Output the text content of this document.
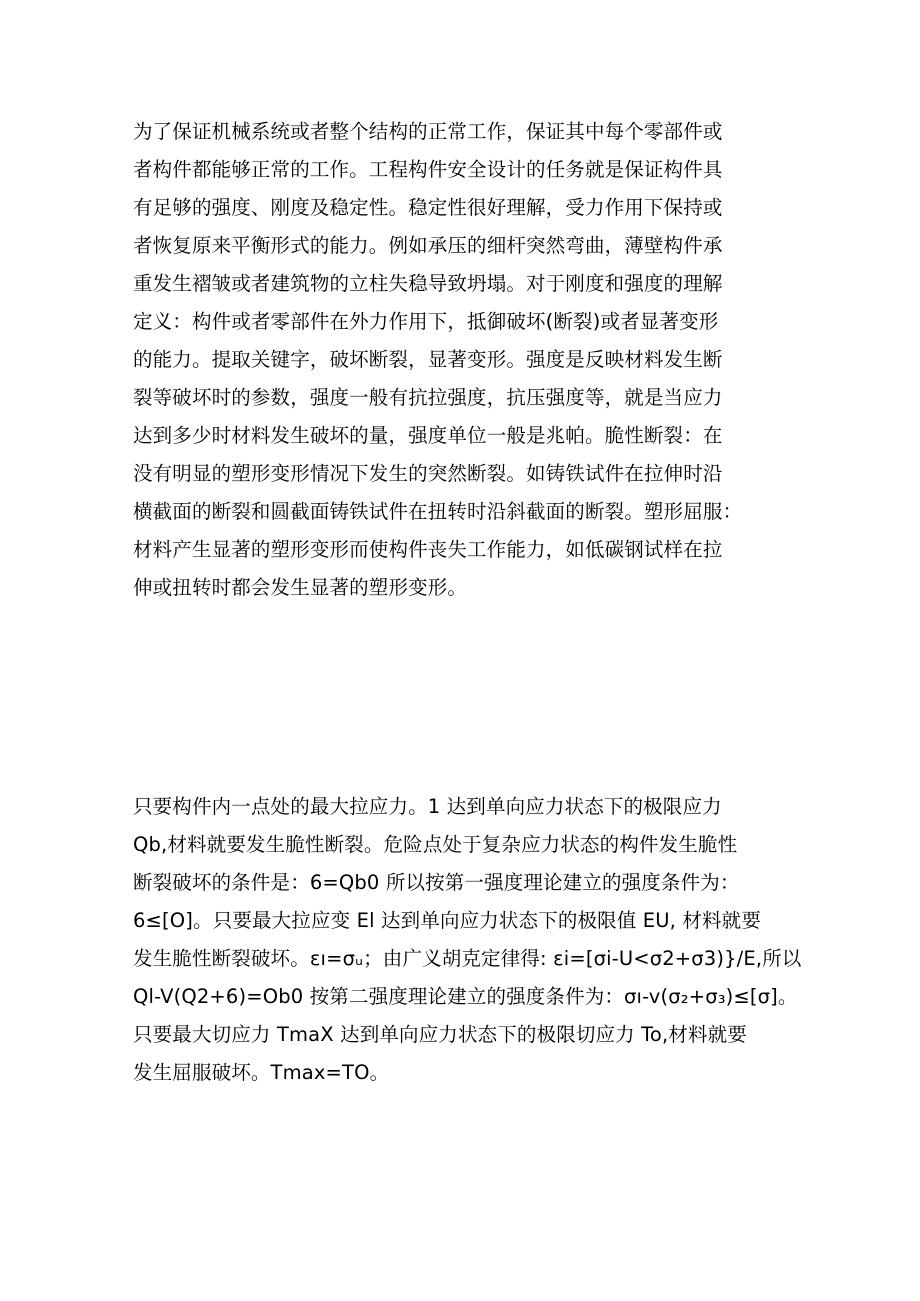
为了保证机械系统或者整个结构的正常工作，保证其中每个零部件或
者构件都能够正常的工作。工程构件安全设计的任务就是保证构件具
有足够的强度、刚度及稳定性。稳定性很好理解，受力作用下保持或
者恢复原来平衡形式的能力。例如承压的细杆突然弯曲，薄壁构件承
重发生褶皱或者建筑物的立柱失稳导致坍塌。对于刚度和强度的理解
定义：构件或者零部件在外力作用下，抵御破坏(断裂)或者显著变形
的能力。提取关键字，破坏断裂，显著变形。强度是反映材料发生断
裂等破坏时的参数，强度一般有抗拉强度，抗压强度等，就是当应力
达到多少时材料发生破坏的量，强度单位一般是兆帕。脆性断裂：在
没有明显的塑形变形情况下发生的突然断裂。如铸铁试件在拉伸时沿
横截面的断裂和圆截面铸铁试件在扭转时沿斜截面的断裂。塑形屈服：
材料产生显著的塑形变形而使构件丧失工作能力，如低碳钢试样在拉
伸或扭转时都会发生显著的塑形变形。
只要构件内一点处的最大拉应力。1 达到单向应力状态下的极限应力
Qb,材料就要发生脆性断裂。危险点处于复杂应力状态的构件发生脆性
断裂破坏的条件是：6=Qb0 所以按第一强度理论建立的强度条件为：
6≤[O]。只要最大拉应变 El 达到单向应力状态下的极限值 EU, 材料就要
发生脆性断裂破坏。εı=σᵤ；由广义胡克定律得: εi=[σi-U<σ2+σ3)}∕E,所以
Ql-V(Q2+6)=Ob0 按第二强度理论建立的强度条件为：σı-v(σ₂+σ₃)≤[σ]。
只要最大切应力 TmaX 达到单向应力状态下的极限切应力 To,材料就要
发生屈服破坏。Tmax=TO。
